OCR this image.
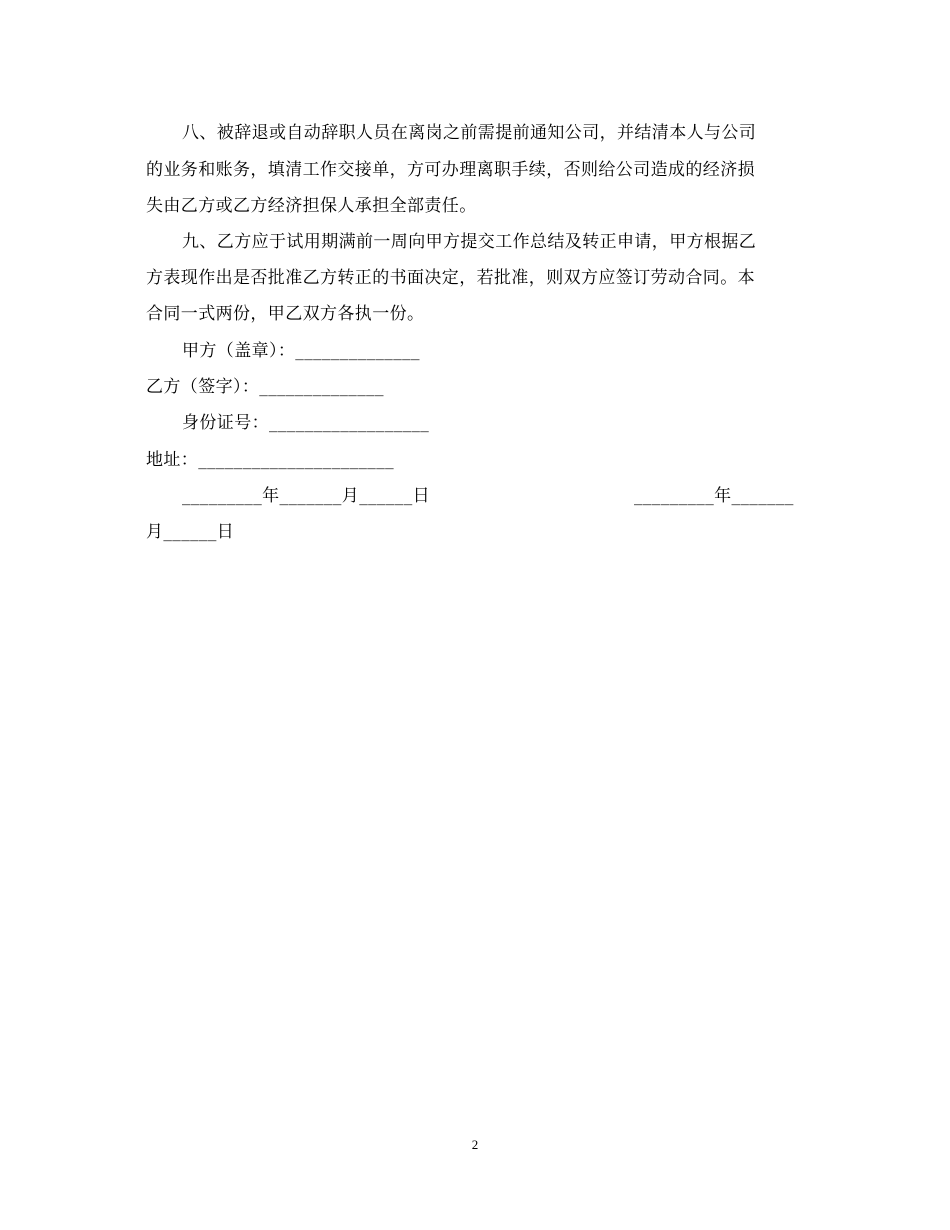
八、被辞退或自动辞职人员在离岗之前需提前通知公司，并结清本人与公司
的业务和账务，填清工作交接单，方可办理离职手续，否则给公司造成的经济损
失由乙方或乙方经济担保人承担全部责任。
九、乙方应于试用期满前一周向甲方提交工作总结及转正申请，甲方根据乙
方表现作出是否批准乙方转正的书面决定，若批准，则双方应签订劳动合同。本
合同一式两份，甲乙双方各执一份。
甲方（盖章）：______________
乙方（签字）：______________
身份证号：__________________
地址：______________________
_________年_______月______日	_________年_______
月______日
2
